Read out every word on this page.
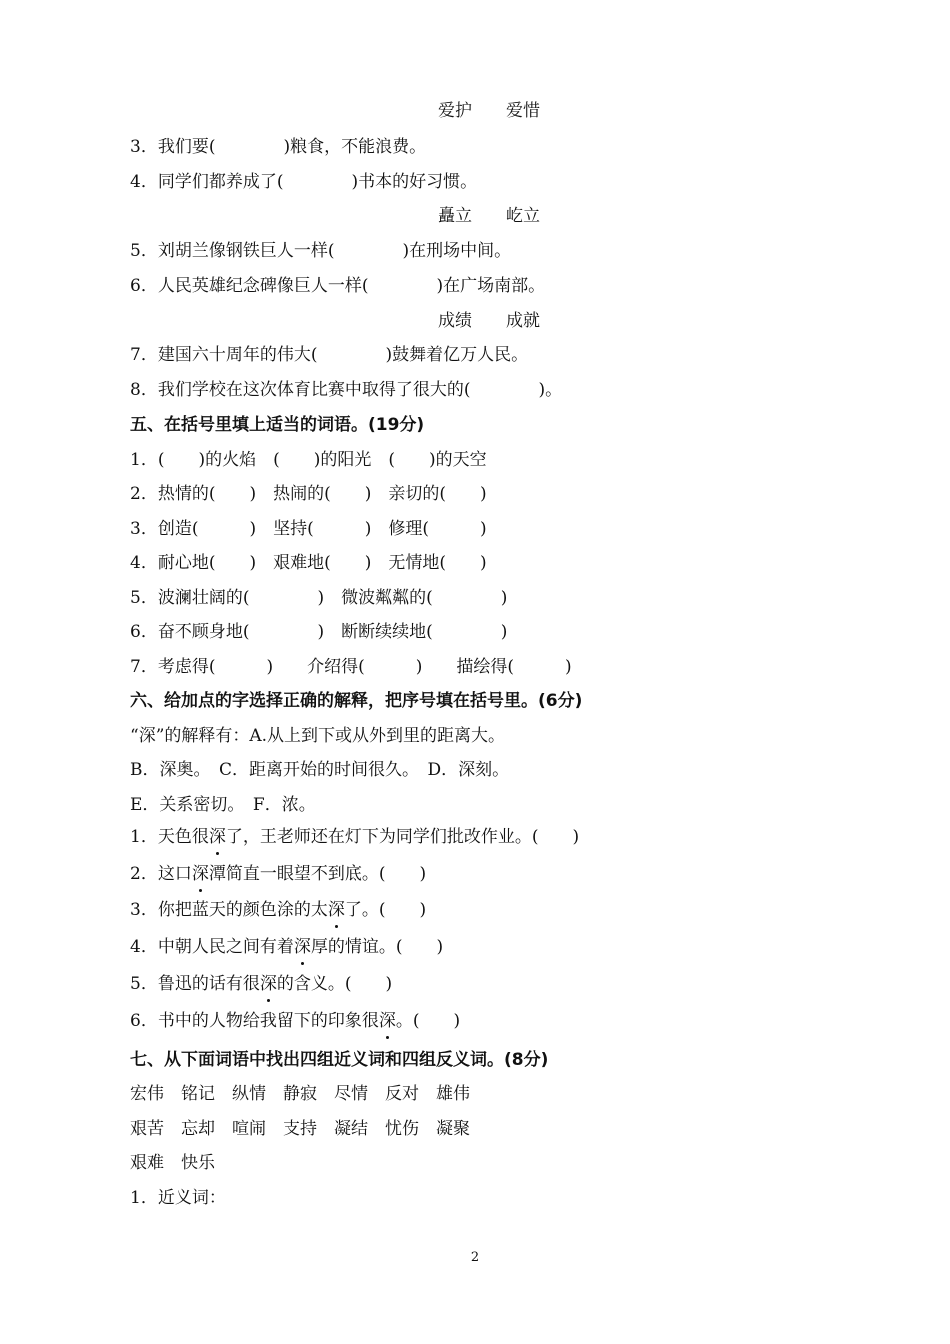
爱护　　爱惜
3．我们要(　　　　)粮食，不能浪费。
4．同学们都养成了(　　　　)书本的好习惯。
矗立　　屹立
5．刘胡兰像钢铁巨人一样(　　　　)在刑场中间。
6．人民英雄纪念碑像巨人一样(　　　　)在广场南部。
成绩　　成就
7．建国六十周年的伟大(　　　　)鼓舞着亿万人民。
8．我们学校在这次体育比赛中取得了很大的(　　　　)。
五、在括号里填上适当的词语。(19分)
1．(　　)的火焰　(　　)的阳光　(　　)的天空
2．热情的(　　)　热闹的(　　)　亲切的(　　)
3．创造(　　　)　坚持(　　　)　修理(　　　)
4．耐心地(　　)　艰难地(　　)　无情地(　　)
5．波澜壮阔的(　　　　)　微波粼粼的(　　　　)
6．奋不顾身地(　　　　)　断断续续地(　　　　)
7．考虑得(　　　)　　介绍得(　　　)　　描绘得(　　　)
六、给加点的字选择正确的解释，把序号填在括号里。(6分)
“深”的解释有：A.从上到下或从外到里的距离大。
B．深奥。　C．距离开始的时间很久。　D．深刻。
E．关系密切。　F．浓。
1．天色很深了，王老师还在灯下为同学们批改作业。(　　)
2．这口深潭简直一眼望不到底。(　　)
3．你把蓝天的颜色涂的太深了。(　　)
4．中朝人民之间有着深厚的情谊。(　　)
5．鲁迅的话有很深的含义。(　　)
6．书中的人物给我留下的印象很深。(　　)
七、从下面词语中找出四组近义词和四组反义词。(8分)
宏伟　铭记　纵情　静寂　尽情　反对　雄伟
艰苦　忘却　喧闹　支持　凝结　忧伤　凝聚
艰难　快乐
1．近义词：
2
